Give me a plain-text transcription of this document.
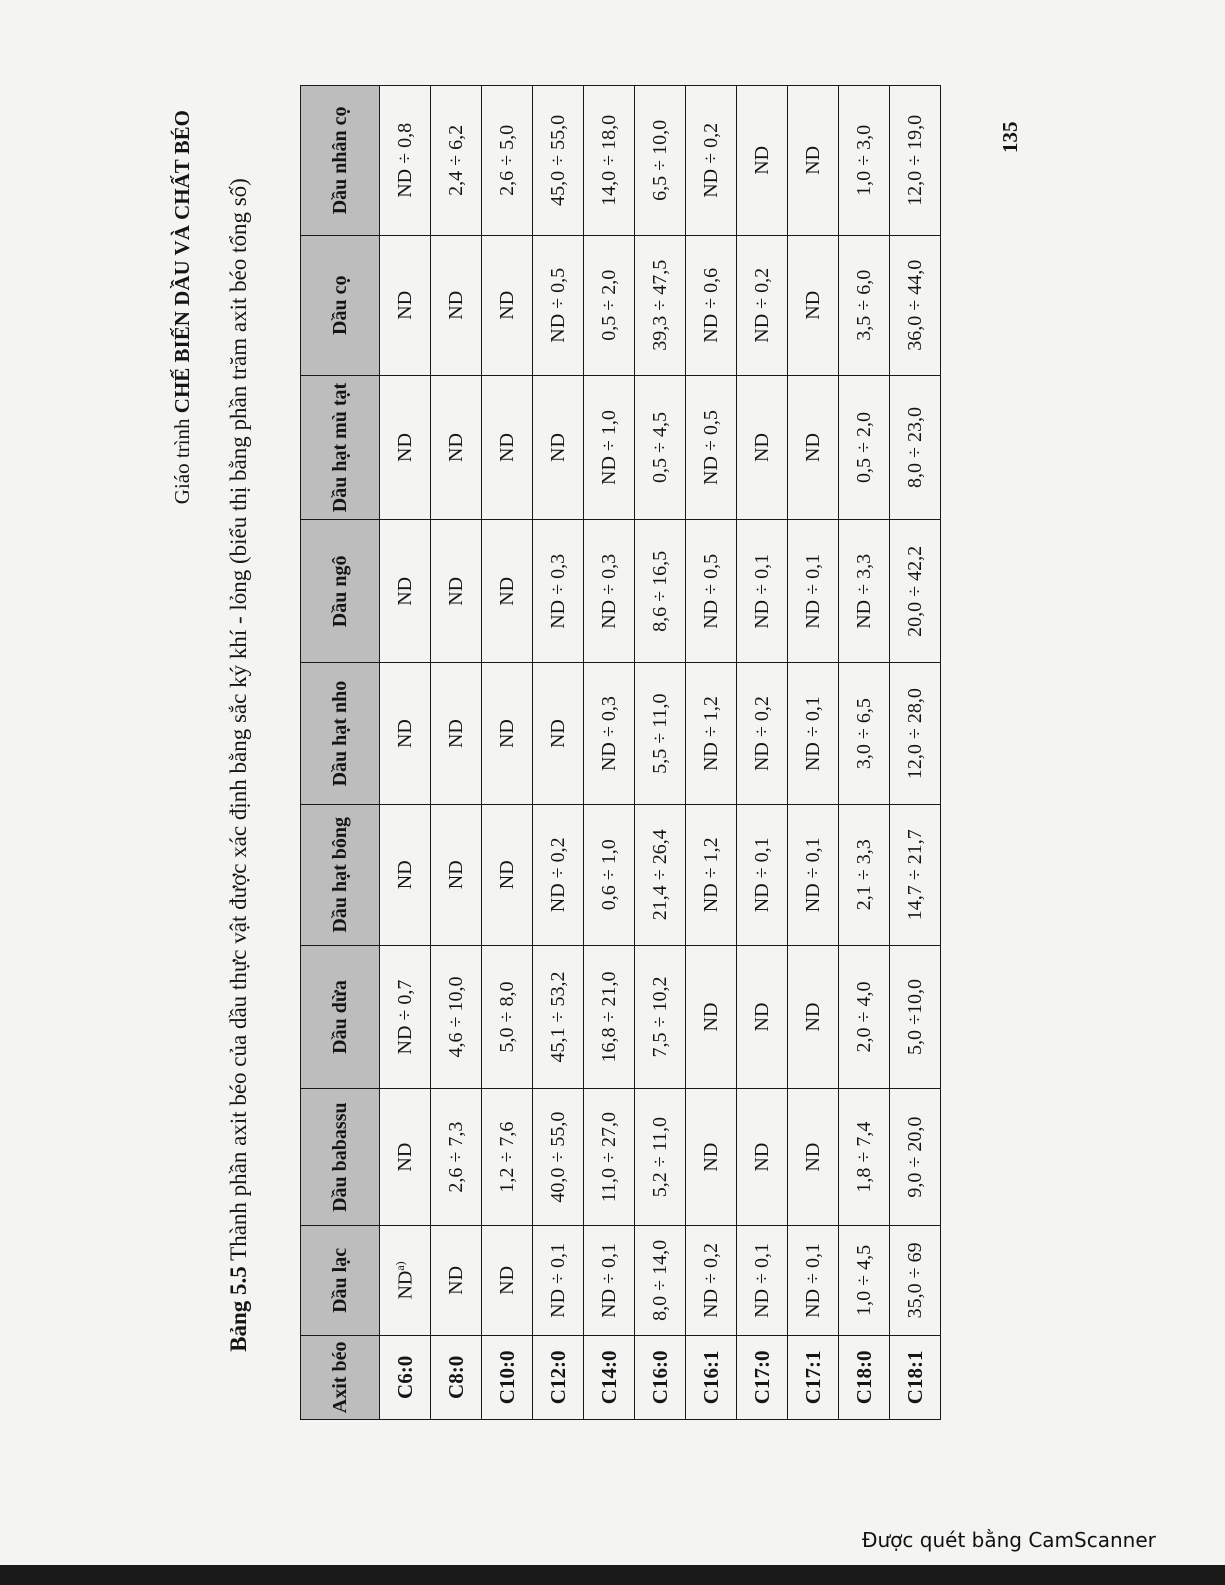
Giáo trình CHẾ BIẾN DẦU VÀ CHẤT BÉO
Bảng 5.5 Thành phần axit béo của dầu thực vật được xác định bằng sắc ký khí - lỏng (biểu thị bằng phần trăm axit béo tổng số)
Axit béo	Dầu lạc	Dầu babassu	Dầu dừa	Dầu hạt bông	Dầu hạt nho	Dầu ngô	Dầu hạt mù tạt	Dầu cọ	Dầu nhân cọ
C6:0	ND$^{a)}$	ND	ND ÷ 0,7	ND	ND	ND	ND	ND	ND ÷ 0,8
C8:0	ND	2,6 ÷ 7,3	4,6 ÷ 10,0	ND	ND	ND	ND	ND	2,4 ÷ 6,2
C10:0	ND	1,2 ÷ 7,6	5,0 ÷ 8,0	ND	ND	ND	ND	ND	2,6 ÷ 5,0
C12:0	ND ÷ 0,1	40,0 ÷ 55,0	45,1 ÷ 53,2	ND ÷ 0,2	ND	ND ÷ 0,3	ND	ND ÷ 0,5	45,0 ÷ 55,0
C14:0	ND ÷ 0,1	11,0 ÷ 27,0	16,8 ÷ 21,0	0,6 ÷ 1,0	ND ÷ 0,3	ND ÷ 0,3	ND ÷ 1,0	0,5 ÷ 2,0	14,0 ÷ 18,0
C16:0	8,0 ÷ 14,0	5,2 ÷ 11,0	7,5 ÷ 10,2	21,4 ÷ 26,4	5,5 ÷ 11,0	8,6 ÷ 16,5	0,5 ÷ 4,5	39,3 ÷ 47,5	6,5 ÷ 10,0
C16:1	ND ÷ 0,2	ND	ND	ND ÷ 1,2	ND ÷ 1,2	ND ÷ 0,5	ND ÷ 0,5	ND ÷ 0,6	ND ÷ 0,2
C17:0	ND ÷ 0,1	ND	ND	ND ÷ 0,1	ND ÷ 0,2	ND ÷ 0,1	ND	ND ÷ 0,2	ND
C17:1	ND ÷ 0,1	ND	ND	ND ÷ 0,1	ND ÷ 0,1	ND ÷ 0,1	ND	ND	ND
C18:0	1,0 ÷ 4,5	1,8 ÷ 7,4	2,0 ÷ 4,0	2,1 ÷ 3,3	3,0 ÷ 6,5	ND ÷ 3,3	0,5 ÷ 2,0	3,5 ÷ 6,0	1,0 ÷ 3,0
C18:1	35,0 ÷ 69	9,0 ÷ 20,0	5,0 ÷10,0	14,7 ÷ 21,7	12,0 ÷ 28,0	20,0 ÷ 42,2	8,0 ÷ 23,0	36,0 ÷ 44,0	12,0 ÷ 19,0	135
Được quét bằng CamScanner
